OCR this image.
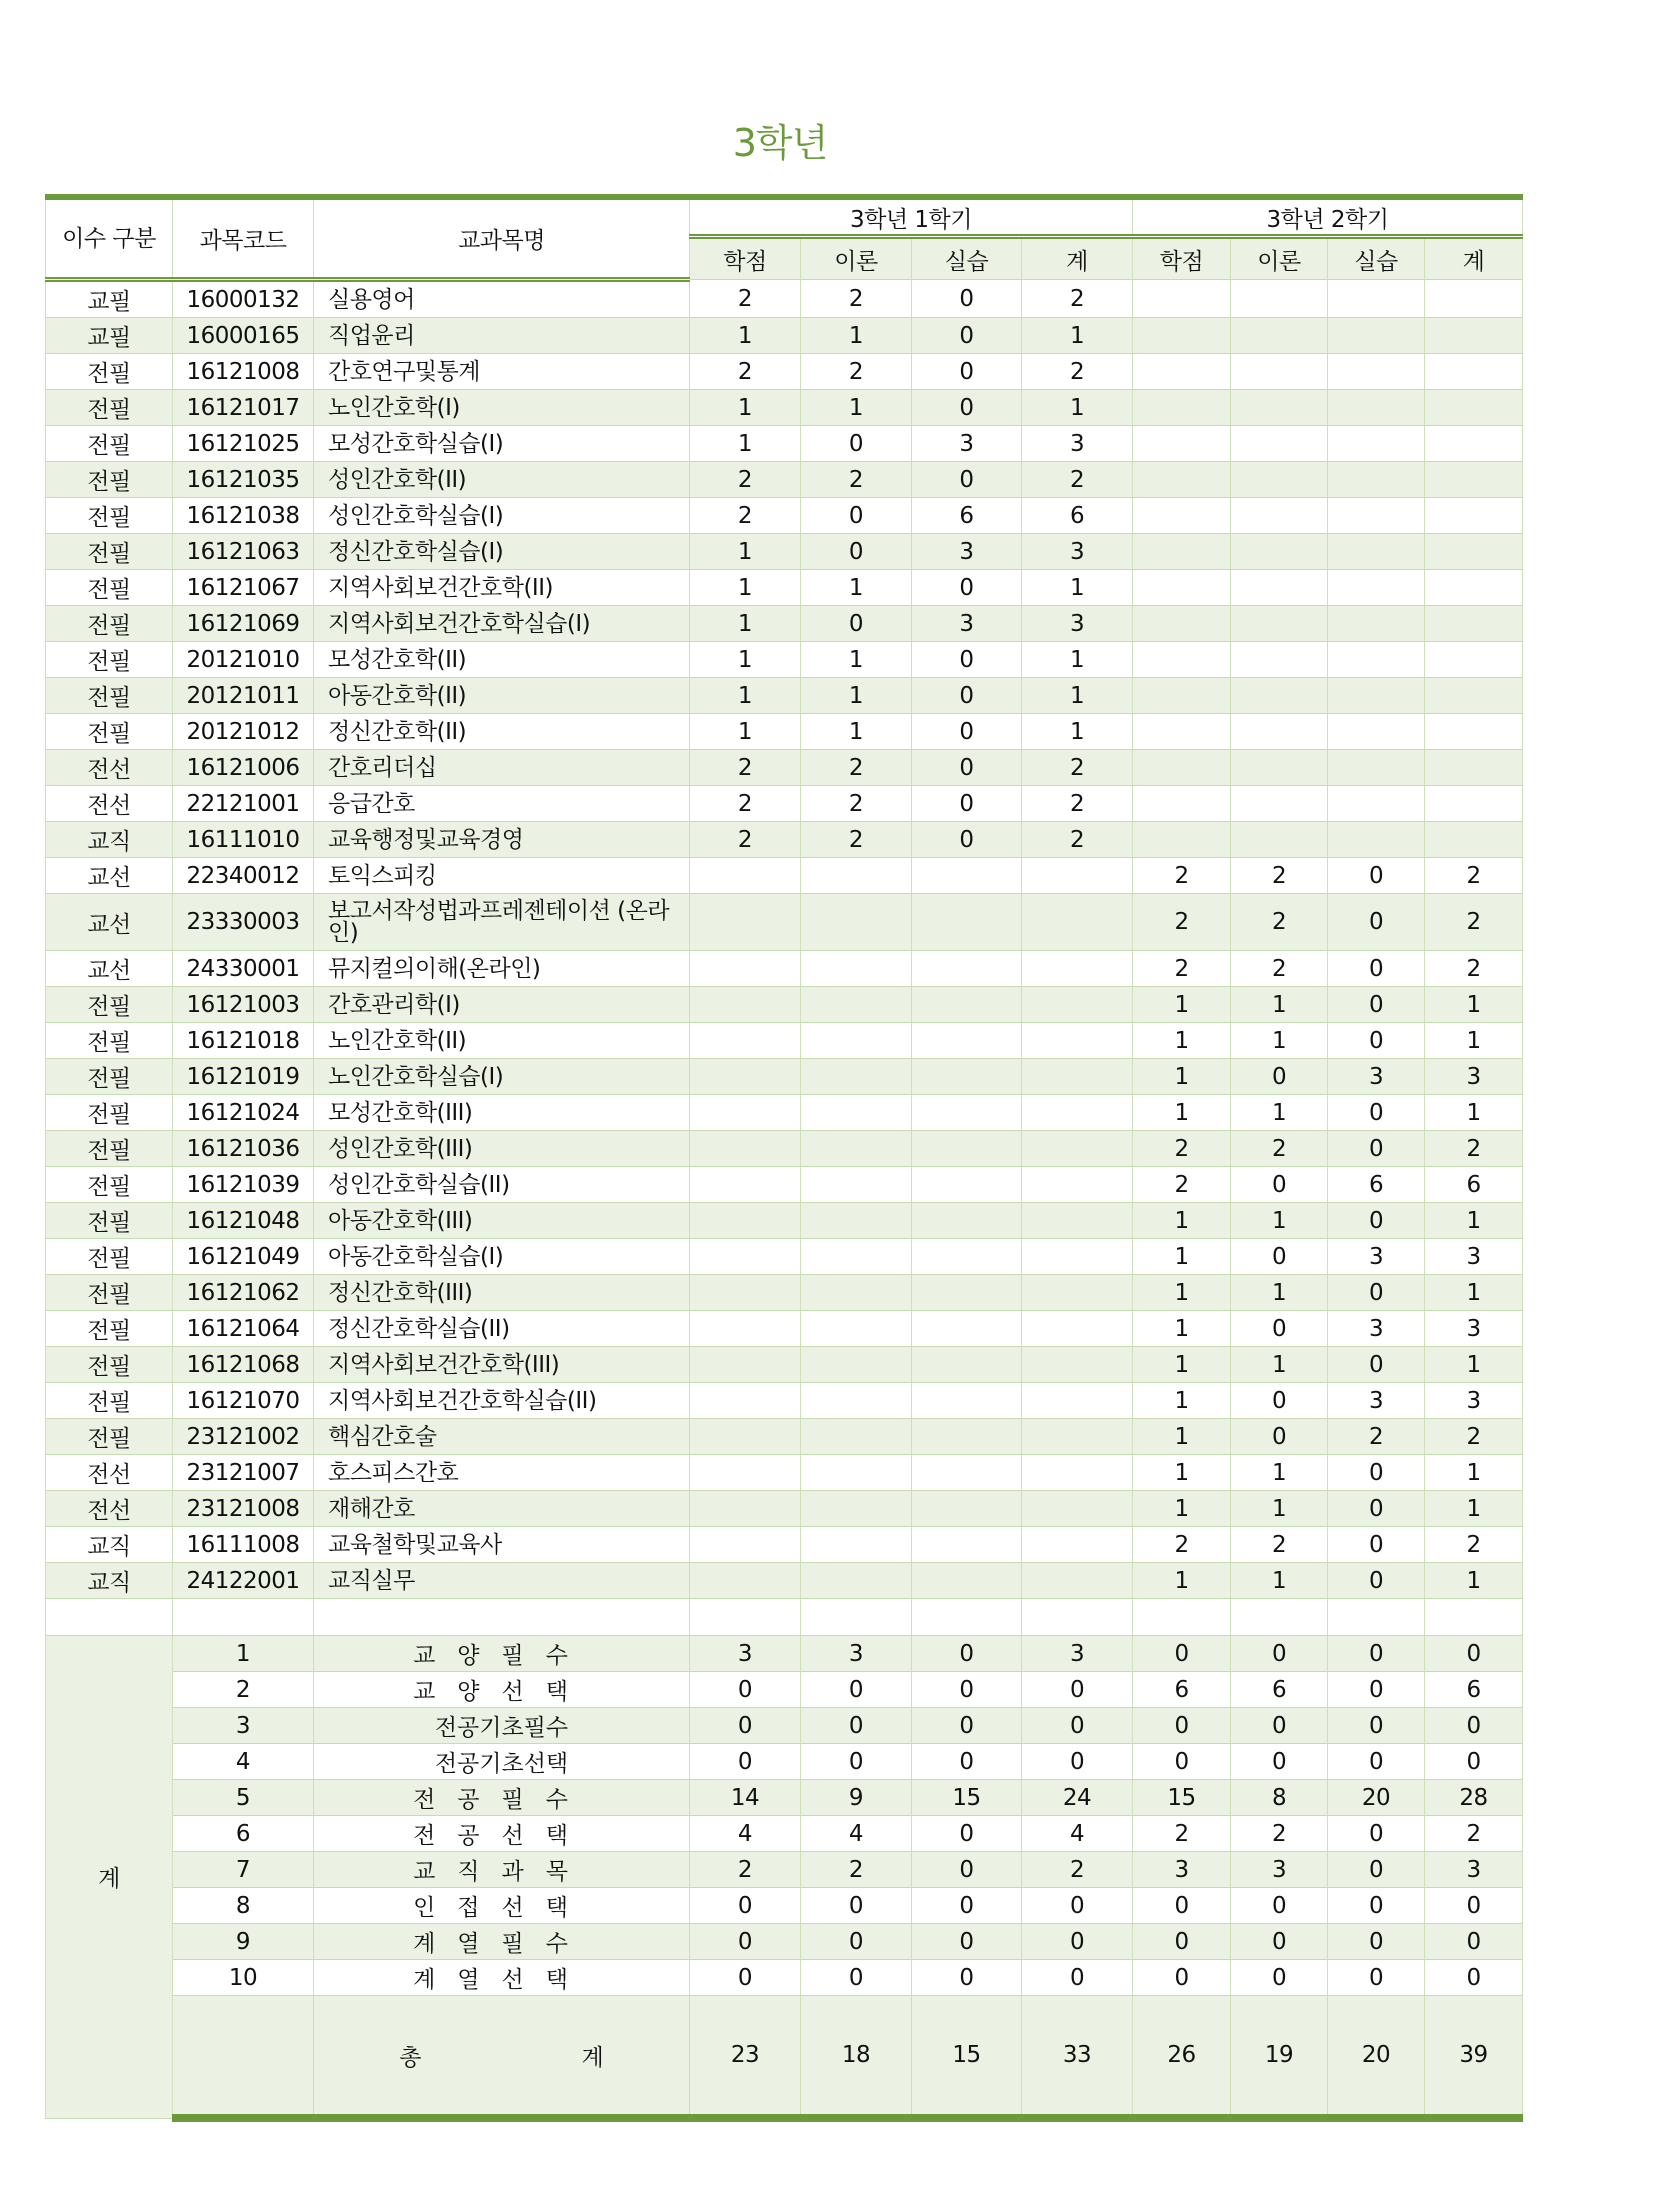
3학년
이수 구분	과목코드	교과목명	3학년 1학기				3학년 2학기			
			학점	이론	실습	계	학점	이론	실습	계
교필	16000132	실용영어	2	2	0	2				
교필	16000165	직업윤리	1	1	0	1				
전필	16121008	간호연구및통계	2	2	0	2				
전필	16121017	노인간호학(I)	1	1	0	1				
전필	16121025	모성간호학실습(I)	1	0	3	3				
전필	16121035	성인간호학(II)	2	2	0	2				
전필	16121038	성인간호학실습(I)	2	0	6	6				
전필	16121063	정신간호학실습(I)	1	0	3	3				
전필	16121067	지역사회보건간호학(II)	1	1	0	1				
전필	16121069	지역사회보건간호학실습(I)	1	0	3	3				
전필	20121010	모성간호학(II)	1	1	0	1				
전필	20121011	아동간호학(II)	1	1	0	1				
전필	20121012	정신간호학(II)	1	1	0	1				
전선	16121006	간호리더십	2	2	0	2				
전선	22121001	응급간호	2	2	0	2				
교직	16111010	교육행정및교육경영	2	2	0	2				
교선	22340012	토익스피킹					2	2	0	2
교선	23330003	보고서작성법과프레젠테이션 (온라인)					2	2	0	2
교선	24330001	뮤지컬의이해(온라인)					2	2	0	2
전필	16121003	간호관리학(I)					1	1	0	1
전필	16121018	노인간호학(II)					1	1	0	1
전필	16121019	노인간호학실습(I)					1	0	3	3
전필	16121024	모성간호학(III)					1	1	0	1
전필	16121036	성인간호학(III)					2	2	0	2
전필	16121039	성인간호학실습(II)					2	0	6	6
전필	16121048	아동간호학(III)					1	1	0	1
전필	16121049	아동간호학실습(I)					1	0	3	3
전필	16121062	정신간호학(III)					1	1	0	1
전필	16121064	정신간호학실습(II)					1	0	3	3
전필	16121068	지역사회보건간호학(III)					1	1	0	1
전필	16121070	지역사회보건간호학실습(II)					1	0	3	3
전필	23121002	핵심간호술					1	0	2	2
전선	23121007	호스피스간호					1	1	0	1
전선	23121008	재해간호					1	1	0	1
교직	16111008	교육철학및교육사					2	2	0	2
교직	24122001	교직실무					1	1	0	1

계	1	교양필수	3	3	0	3	0	0	0	0
	2	교양선택	0	0	0	0	6	6	0	6
	3	전공기초필수	0	0	0	0	0	0	0	0
	4	전공기초선택	0	0	0	0	0	0	0	0
	5	전공필수	14	9	15	24	15	8	20	28
	6	전공선택	4	4	0	4	2	2	0	2
	7	교직과목	2	2	0	2	3	3	0	3
	8	인접선택	0	0	0	0	0	0	0	0
	9	계열필수	0	0	0	0	0	0	0	0
	10	계열선택	0	0	0	0	0	0	0	0
		총 계	23	18	15	33	26	19	20	39
